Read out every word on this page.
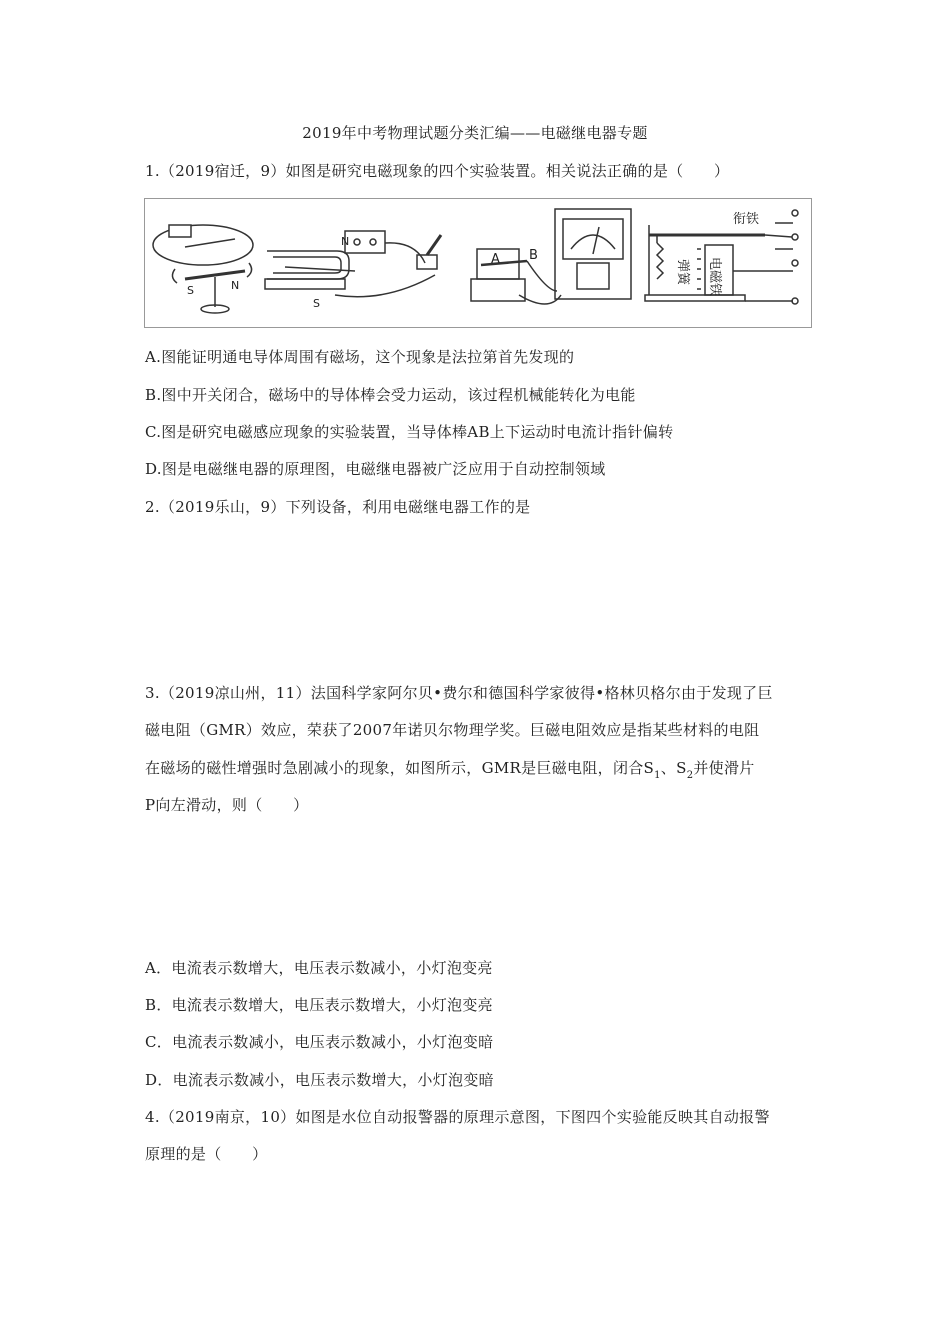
2019年中考物理试题分类汇编——电磁继电器专题
1.（2019宿迁，9）如图是研究电磁现象的四个实验装置。相关说法正确的是（　　）
S	N
N
S
A B
衔铁
弹簧 电磁铁
A.图能证明通电导体周围有磁场，这个现象是法拉第首先发现的
B.图中开关闭合，磁场中的导体棒会受力运动，该过程机械能转化为电能
C.图是研究电磁感应现象的实验装置，当导体棒AB上下运动时电流计指针偏转
D.图是电磁继电器的原理图，电磁继电器被广泛应用于自动控制领域
2.（2019乐山，9）下列设备，利用电磁继电器工作的是
3.（2019凉山州，11）法国科学家阿尔贝•费尔和德国科学家彼得•格林贝格尔由于发现了巨
磁电阻（GMR）效应，荣获了2007年诺贝尔物理学奖。巨磁电阻效应是指某些材料的电阻
在磁场的磁性增强时急剧减小的现象，如图所示，GMR是巨磁电阻，闭合$S_1$、$S_2$并使滑片
P向左滑动，则（　　）
A．电流表示数增大，电压表示数减小，小灯泡变亮
B．电流表示数增大，电压表示数增大，小灯泡变亮
C．电流表示数减小，电压表示数减小，小灯泡变暗
D．电流表示数减小，电压表示数增大，小灯泡变暗
4.（2019南京，10）如图是水位自动报警器的原理示意图，下图四个实验能反映其自动报警
原理的是（　　）
